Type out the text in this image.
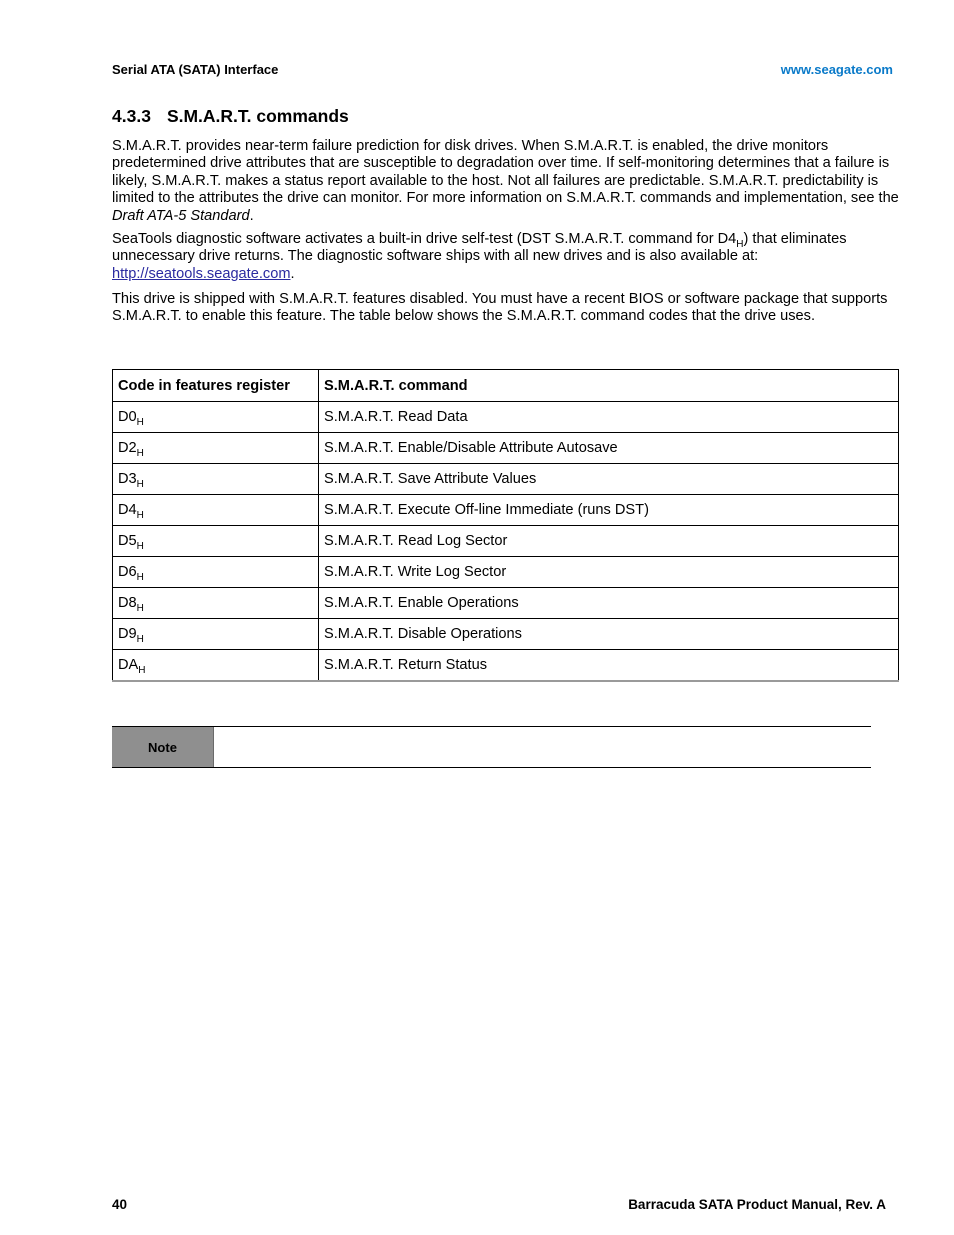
Serial ATA (SATA) Interface	www.seagate.com
4.3.3 S.M.A.R.T. commands

S.M.A.R.T. provides near-term failure prediction for disk drives. When S.M.A.R.T. is enabled, the drive monitors predetermined drive attributes that are susceptible to degradation over time. If self-monitoring determines that a failure is likely, S.M.A.R.T. makes a status report available to the host. Not all failures are predictable. S.M.A.R.T. predictability is limited to the attributes the drive can monitor. For more information on S.M.A.R.T. commands and implementation, see the Draft ATA-5 Standard.

SeaTools diagnostic software activates a built-in drive self-test (DST S.M.A.R.T. command for $D4_H$) that eliminates unnecessary drive returns. The diagnostic software ships with all new drives and is also available at: http://seatools.seagate.com.

This drive is shipped with S.M.A.R.T. features disabled. You must have a recent BIOS or software package that supports S.M.A.R.T. to enable this feature. The table below shows the S.M.A.R.T. command codes that the drive uses.

Code in features register	S.M.A.R.T. command
$D0_H$	S.M.A.R.T. Read Data
$D2_H$	S.M.A.R.T. Enable/Disable Attribute Autosave
$D3_H$	S.M.A.R.T. Save Attribute Values
$D4_H$	S.M.A.R.T. Execute Off-line Immediate (runs DST)
$D5_H$	S.M.A.R.T. Read Log Sector
$D6_H$	S.M.A.R.T. Write Log Sector
$D8_H$	S.M.A.R.T. Enable Operations
$D9_H$	S.M.A.R.T. Disable Operations
$DA_H$	S.M.A.R.T. Return Status
Note
40	Barracuda SATA Product Manual, Rev. A
